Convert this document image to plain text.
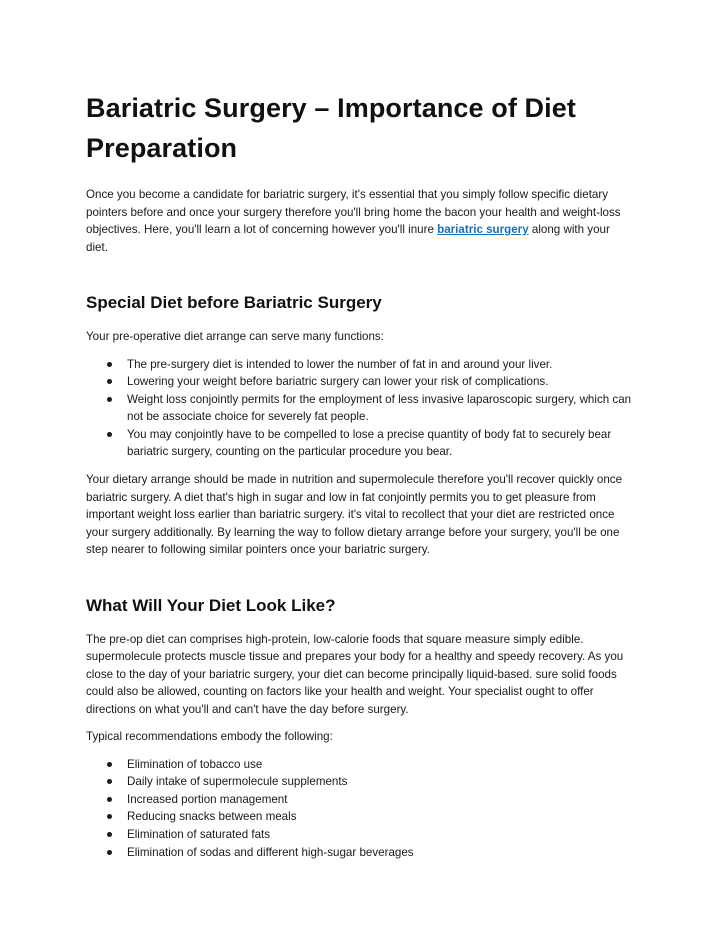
Bariatric Surgery – Importance of Diet Preparation

Once you become a candidate for bariatric surgery, it's essential that you simply follow specific dietary pointers before and once your surgery therefore you'll bring home the bacon your health and weight-loss objectives. Here, you'll learn a lot of concerning however you'll inure bariatric surgery along with your diet.

Special Diet before Bariatric Surgery

Your pre-operative diet arrange can serve many functions:

The pre-surgery diet is intended to lower the number of fat in and around your liver.
Lowering your weight before bariatric surgery can lower your risk of complications.
Weight loss conjointly permits for the employment of less invasive laparoscopic surgery, which can not be associate choice for severely fat people.
You may conjointly have to be compelled to lose a precise quantity of body fat to securely bear bariatric surgery, counting on the particular procedure you bear.

Your dietary arrange should be made in nutrition and supermolecule therefore you'll recover quickly once bariatric surgery. A diet that's high in sugar and low in fat conjointly permits you to get pleasure from important weight loss earlier than bariatric surgery. it's vital to recollect that your diet are restricted once your surgery additionally. By learning the way to follow dietary arrange before your surgery, you'll be one step nearer to following similar pointers once your bariatric surgery.

What Will Your Diet Look Like?

The pre-op diet can comprises high-protein, low-calorie foods that square measure simply edible. supermolecule protects muscle tissue and prepares your body for a healthy and speedy recovery. As you close to the day of your bariatric surgery, your diet can become principally liquid-based. sure solid foods could also be allowed, counting on factors like your health and weight. Your specialist ought to offer directions on what you'll and can't have the day before surgery.

Typical recommendations embody the following:

Elimination of tobacco use
Daily intake of supermolecule supplements
Increased portion management
Reducing snacks between meals
Elimination of saturated fats
Elimination of sodas and different high-sugar beverages
